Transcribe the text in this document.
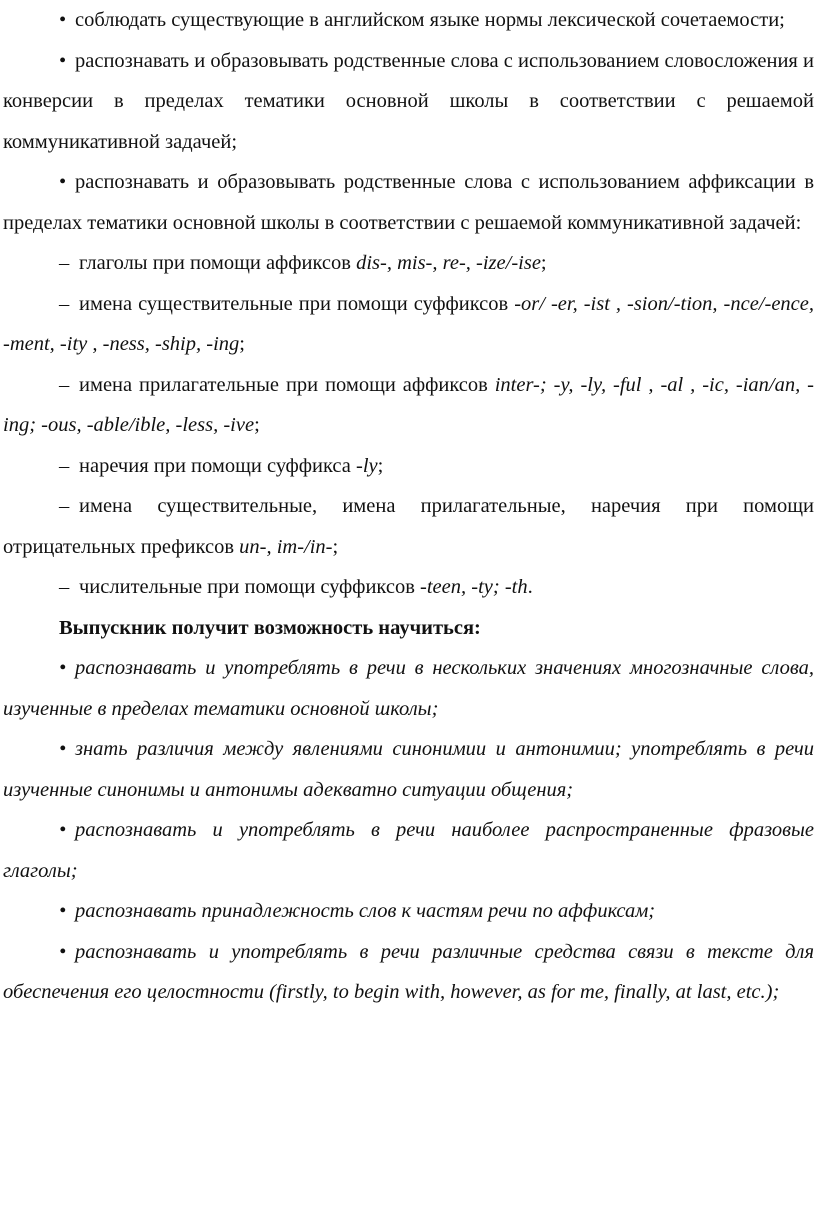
• соблюдать существующие в английском языке нормы лексической сочетаемости;

• распознавать и образовывать родственные слова с использованием словосложения и конверсии в пределах тематики основной школы в соответствии с решаемой коммуникативной задачей;

• распознавать и образовывать родственные слова с использованием аффиксации в пределах тематики основной школы в соответствии с решаемой коммуникативной задачей:

– глаголы при помощи аффиксов dis-, mis-, re-, -ize/-ise;

– имена существительные при помощи суффиксов -or/ -er, -ist , -sion/-tion, -nce/-ence, -ment, -ity , -ness, -ship, -ing;

– имена прилагательные при помощи аффиксов inter-; -y, -ly, -ful , -al , -ic, -ian/an, -ing; -ous, -able/ible, -less, -ive;

– наречия при помощи суффикса -ly;

– имена существительные, имена прилагательные, наречия при помощи отрицательных префиксов un-, im-/in-;

– числительные при помощи суффиксов -teen, -ty; -th.

Выпускник получит возможность научиться:

• распознавать и употреблять в речи в нескольких значениях многозначные слова, изученные в пределах тематики основной школы;

• знать различия между явлениями синонимии и антонимии; употреблять в речи изученные синонимы и антонимы адекватно ситуации общения;

• распознавать и употреблять в речи наиболее распространенные фразовые глаголы;

• распознавать принадлежность слов к частям речи по аффиксам;

• распознавать и употреблять в речи различные средства связи в тексте для обеспечения его целостности (firstly, to begin with, however, as for me, finally, at last, etc.);
